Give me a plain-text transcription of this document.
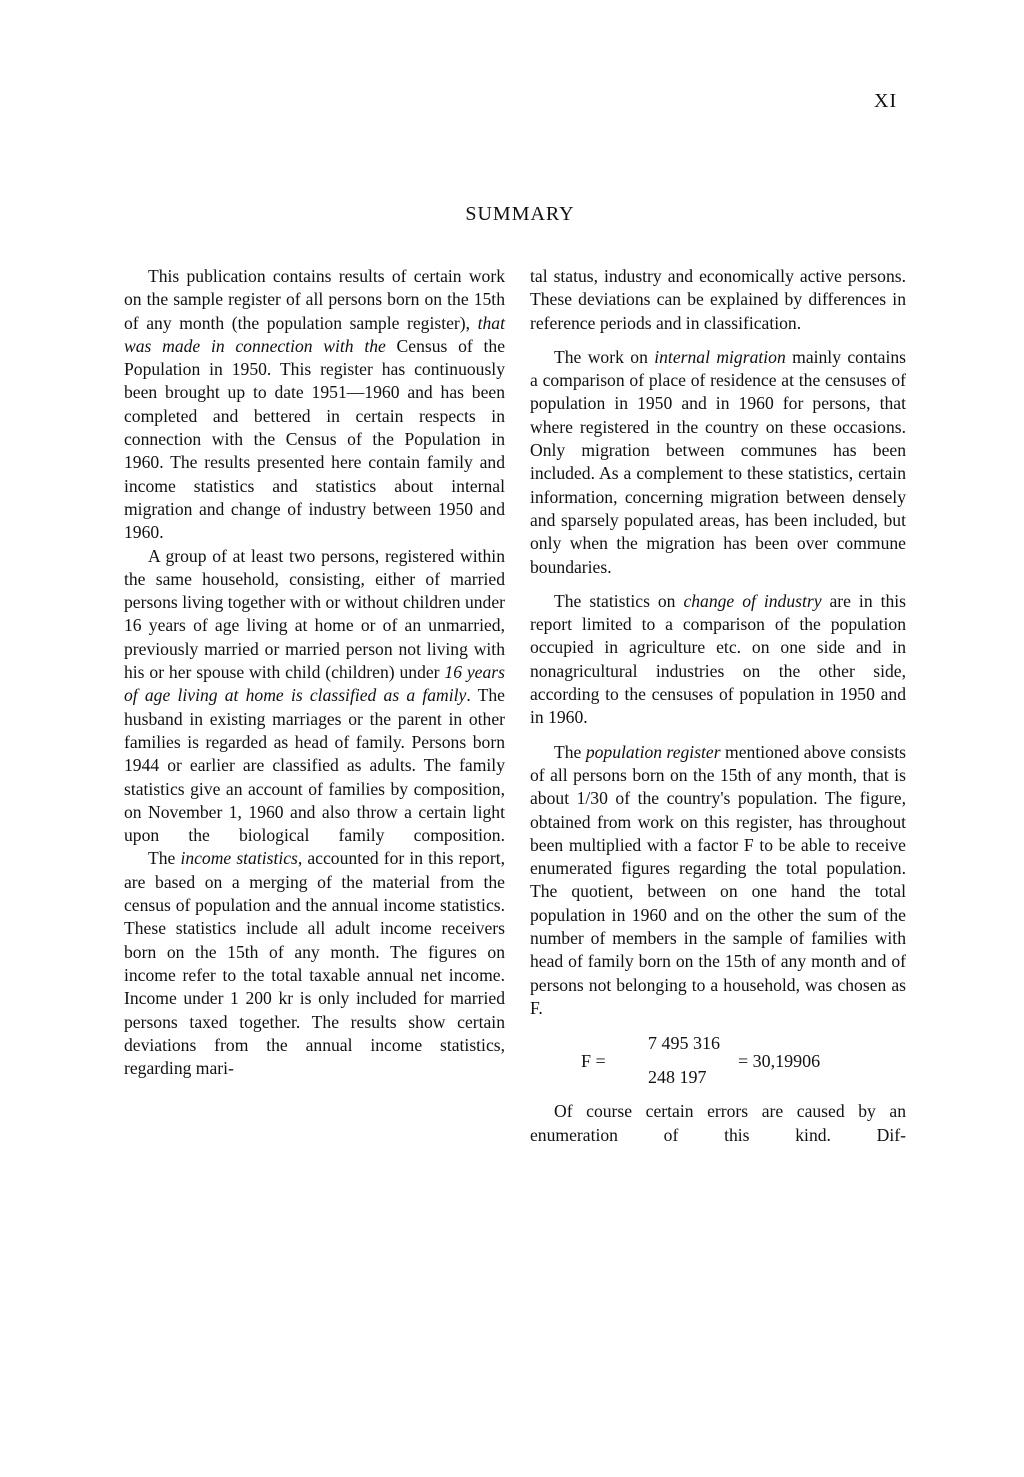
XI
SUMMARY

This publication contains results of certain work on the sample register of all persons born on the 15th of any month (the population sample register), that was made in connection with the Census of the Population in 1950. This register has continuously been brought up to date 1951—1960 and has been completed and bettered in certain respects in connection with the Census of the Population in 1960. The results presented here contain family and income statistics and statistics about internal migration and change of industry between 1950 and 1960.

A group of at least two persons, registered within the same household, consisting, either of married persons living together with or without children under 16 years of age living at home or of an unmarried, previously married or married person not living with his or her spouse with child (children) under 16 years of age living at home is classified as a family. The husband in existing marriages or the parent in other families is regarded as head of family. Persons born 1944 or earlier are classified as adults. The family statistics give an account of families by composition, on November 1, 1960 and also throw a certain light upon the biological family composition.

The income statistics, accounted for in this report, are based on a merging of the material from the census of population and the annual income statistics. These statistics include all adult income receivers born on the 15th of any month. The figures on income refer to the total taxable annual net income. Income under 1 200 kr is only included for married persons taxed together. The results show certain deviations from the annual income statistics, regarding mari-

tal status, industry and economically active persons. These deviations can be explained by differences in reference periods and in classification.

The work on internal migration mainly contains a comparison of place of residence at the censuses of population in 1950 and in 1960 for persons, that where registered in the country on these occasions. Only migration between communes has been included. As a complement to these statistics, certain information, concerning migration between densely and sparsely populated areas, has been included, but only when the migration has been over commune boundaries.

The statistics on change of industry are in this report limited to a comparison of the population occupied in agriculture etc. on one side and in nonagricultural industries on the other side, according to the censuses of population in 1950 and in 1960.

The population register mentioned above consists of all persons born on the 15th of any month, that is about 1/30 of the country's population. The figure, obtained from work on this register, has throughout been multiplied with a factor F to be able to receive enumerated figures regarding the total population. The quotient, between on one hand the total population in 1960 and on the other the sum of the number of members in the sample of families with head of family born on the 15th of any month and of persons not belonging to a household, was chosen as F.

F =
7 495 316
248 197
= 30,19906

Of course certain errors are caused by an enumeration of this kind. Dif-
